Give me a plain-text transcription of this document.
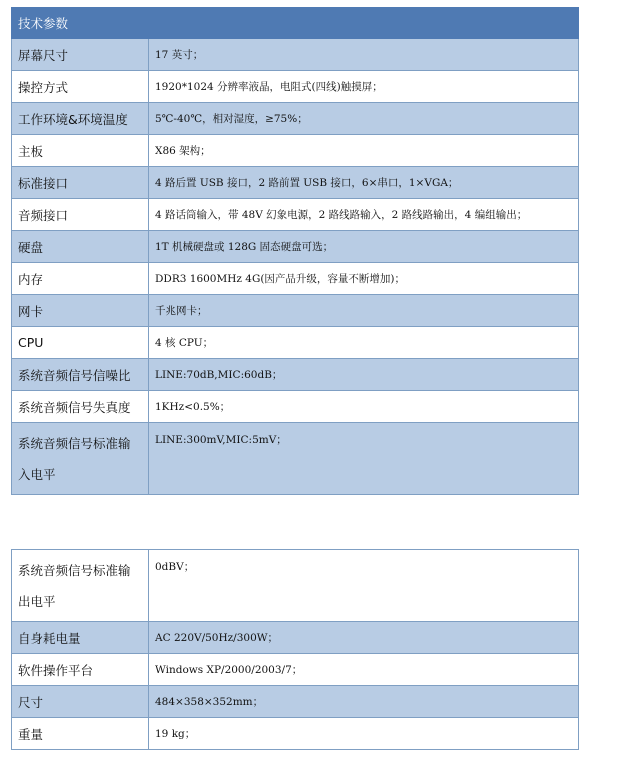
技术参数	
屏幕尺寸	17 英寸；
操控方式	1920*1024 分辨率液晶，电阻式(四线)触摸屏；
工作环境&环境温度	5℃-40℃，相对湿度，≥75%；
主板	X86 架构；
标准接口	4 路后置 USB 接口，2 路前置 USB 接口，6×串口，1×VGA；
音频接口	4 路话筒输入，带 48V 幻象电源，2 路线路输入，2 路线路输出，4 编组输出；
硬盘	1T 机械硬盘或 128G 固态硬盘可选；
内存	DDR3 1600MHz 4G(因产品升级，容量不断增加)；
网卡	千兆网卡；
CPU	4 核 CPU；
系统音频信号信噪比	LINE:70dB,MIC:60dB；
系统音频信号失真度	1KHz<0.5%；
系统音频信号标准输入电平	LINE:300mV,MIC:5mV；
系统音频信号标准输出电平	0dBV；
自身耗电量	AC 220V/50Hz/300W；
软件操作平台	Windows XP/2000/2003/7；
尺寸	484×358×352mm；
重量	19 kg；
